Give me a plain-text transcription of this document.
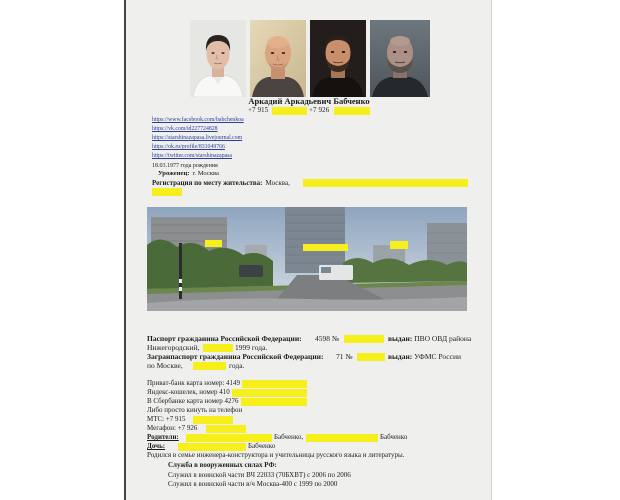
Аркадий Аркадьевич Бабченко
+7 915	+7 926
https://www.facebook.com/babchenkoa
https://vk.com/id227724828
https://starshinazapasa.livejournal.com
https://ok.ru/profile/831049766
https://twitter.com/starshinazapasa
18.03.1977 года рождения
Уроженец: г. Москва
Регистрация по месту жительства: Москва,
Паспорт гражданина Российской Федерации: 4598 №	выдан: ПВО ОВД района
Нижегородский,	1999 года.
Загранпаспорт гражданина Российской Федерации: 71 №	выдан: УФМС России
по Москве,	года.
Приват-банк карта номер: 4149
Яндекс-кошелек, номер 410
В Сбербанке карта номер 4276
Либо просто кинуть на телефон
МТС: +7 915
Мегафон: +7 926
Родители:	Бабченко,	Бабченко
Дочь:	Бабченко
Родился в семье инженера-конструктора и учительницы русского языка и литературы.
Служба в вооруженных силах РФ:
Служил в воинской части ВЧ 22033 (70БХВТ) с 2006 по 2006
Служил в воинской части в/ч Москва-400 с 1999 по 2000
